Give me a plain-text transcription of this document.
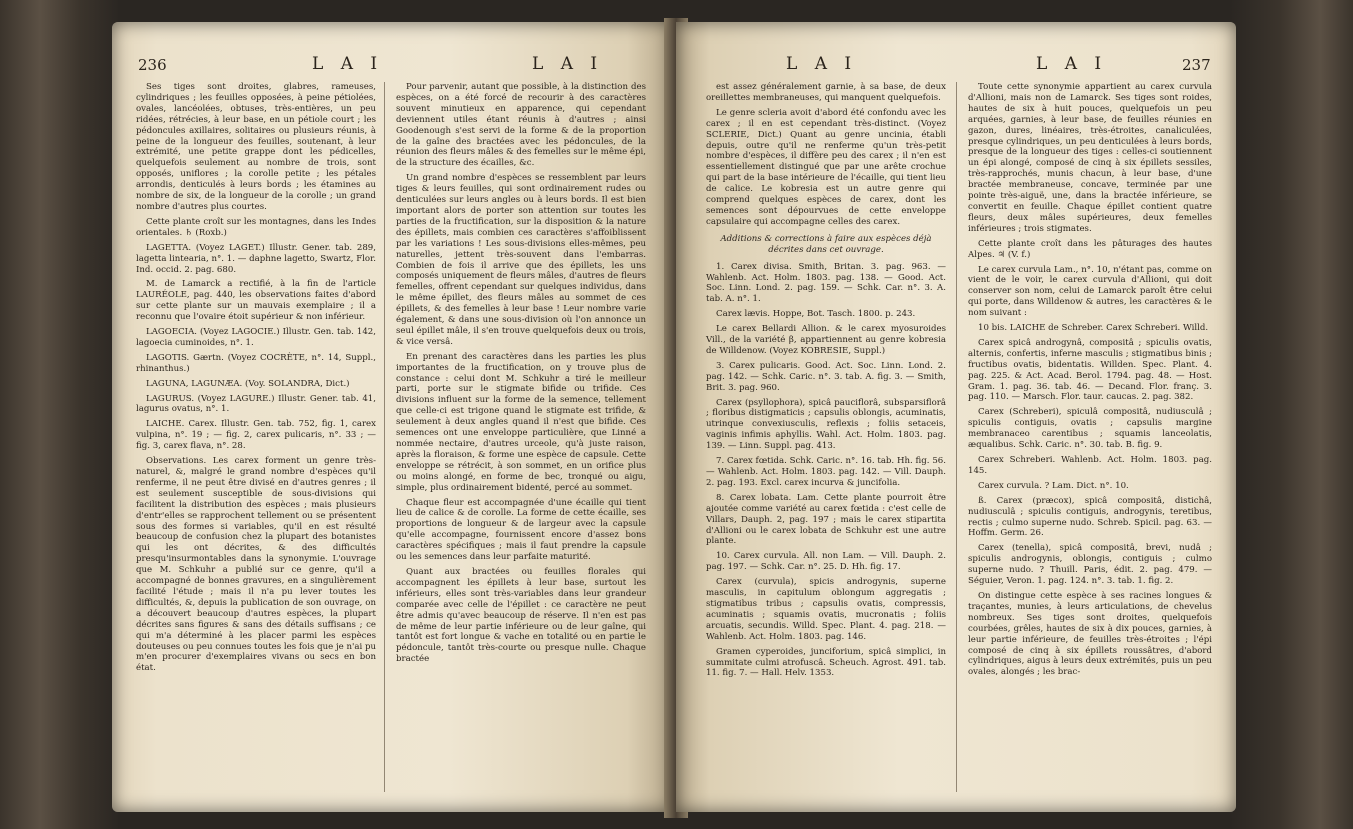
236	L A I	L A I

Ses tiges sont droites, glabres, rameuses, cylindriques ; les feuilles opposées, à peine pétiolées, ovales, lancéolées, obtuses, très-entières, un peu ridées, rétrécies, à leur base, en un pétiole court ; les pédoncules axillaires, solitaires ou plusieurs réunis, à peine de la longueur des feuilles, soutenant, à leur extrémité, une petite grappe dont les pédicelles, quelquefois seulement au nombre de trois, sont opposés, uniflores ; la corolle petite ; les pétales arrondis, denticulés à leurs bords ; les étamines au nombre de six, de la longueur de la corolle ; un grand nombre d'autres plus courtes.

Cette plante croît sur les montagnes, dans les Indes orientales. ♄ (Roxb.)

LAGETTA. (Voyez LAGET.) Illustr. Gener. tab. 289, lagetta lintearia, n°. 1. — daphne lagetto, Swartz, Flor. Ind. occid. 2. pag. 680.

M. de Lamarck a rectifié, à la fin de l'article LAURÉOLE, pag. 440, les observations faites d'abord sur cette plante sur un mauvais exemplaire ; il a reconnu que l'ovaire étoit supérieur & non inférieur.

LAGOECIA. (Voyez LAGOCIE.) Illustr. Gen. tab. 142, lagoecia cuminoides, n°. 1.

LAGOTIS. Gærtn. (Voyez COCRÈTE, n°. 14, Suppl., rhinanthus.)

LAGUNA, LAGUNÆA. (Voy. SOLANDRA, Dict.)

LAGURUS. (Voyez LAGURE.) Illustr. Gener. tab. 41, lagurus ovatus, n°. 1.

LAICHE. Carex. Illustr. Gen. tab. 752, fig. 1, carex vulpina, n°. 19 ; — fig. 2, carex pulicaris, n°. 33 ; — fig. 3, carex flava, n°. 28.

Observations. Les carex forment un genre très-naturel, &, malgré le grand nombre d'espèces qu'il renferme, il ne peut être divisé en d'autres genres ; il est seulement susceptible de sous-divisions qui facilitent la distribution des espèces ; mais plusieurs d'entr'elles se rapprochent tellement ou se présentent sous des formes si variables, qu'il en est résulté beaucoup de confusion chez la plupart des botanistes qui les ont décrites, & des difficultés presqu'insurmontables dans la synonymie. L'ouvrage que M. Schkuhr a publié sur ce genre, qu'il a accompagné de bonnes gravures, en a singulièrement facilité l'étude ; mais il n'a pu lever toutes les difficultés, &, depuis la publication de son ouvrage, on a découvert beaucoup d'autres espèces, la plupart décrites sans figures & sans des détails suffisans ; ce qui m'a déterminé à les placer parmi les espèces douteuses ou peu connues toutes les fois que je n'ai pu m'en procurer d'exemplaires vivans ou secs en bon état.

Pour parvenir, autant que possible, à la distinction des espèces, on a été forcé de recourir à des caractères souvent minutieux en apparence, qui cependant deviennent utiles étant réunis à d'autres ; ainsi Goodenough s'est servi de la forme & de la proportion de la gaîne des bractées avec les pédoncules, de la réunion des fleurs mâles & des femelles sur le même épi, de la structure des écailles, &c.

Un grand nombre d'espèces se ressemblent par leurs tiges & leurs feuilles, qui sont ordinairement rudes ou denticulées sur leurs angles ou à leurs bords. Il est bien important alors de porter son attention sur toutes les parties de la fructification, sur la disposition & la nature des épillets, mais combien ces caractères s'affoiblissent par les variations ! Les sous-divisions elles-mêmes, peu naturelles, jettent très-souvent dans l'embarras. Combien de fois il arrive que des épillets, les uns composés uniquement de fleurs mâles, d'autres de fleurs femelles, offrent cependant sur quelques individus, dans le même épillet, des fleurs mâles au sommet de ces épillets, & des femelles à leur base ! Leur nombre varie également, & dans une sous-division où l'on annonce un seul épillet mâle, il s'en trouve quelquefois deux ou trois, & vice versâ.

En prenant des caractères dans les parties les plus importantes de la fructification, on y trouve plus de constance : celui dont M. Schkuhr a tiré le meilleur parti, porte sur le stigmate bifide ou trifide. Ces divisions influent sur la forme de la semence, tellement que celle-ci est trigone quand le stigmate est trifide, & seulement à deux angles quand il n'est que bifide. Ces semences ont une enveloppe particulière, que Linné a nommée nectaire, d'autres urceole, qu'à juste raison, après la floraison, & forme une espèce de capsule. Cette enveloppe se rétrécit, à son sommet, en un orifice plus ou moins alongé, en forme de bec, tronqué ou aigu, simple, plus ordinairement bidenté, percé au sommet.

Chaque fleur est accompagnée d'une écaille qui tient lieu de calice & de corolle. La forme de cette écaille, ses proportions de longueur & de largeur avec la capsule qu'elle accompagne, fournissent encore d'assez bons caractères spécifiques ; mais il faut prendre la capsule ou les semences dans leur parfaite maturité.

Quant aux bractées ou feuilles florales qui accompagnent les épillets à leur base, surtout les inférieurs, elles sont très-variables dans leur grandeur comparée avec celle de l'épillet : ce caractère ne peut être admis qu'avec beaucoup de réserve. Il n'en est pas de même de leur partie inférieure ou de leur gaîne, qui tantôt est fort longue & vache en totalité ou en partie le pédoncule, tantôt très-courte ou presque nulle. Chaque bractée

L A I	L A I	237

est assez généralement garnie, à sa base, de deux oreillettes membraneuses, qui manquent quelquefois.

Le genre scleria avoit d'abord été confondu avec les carex ; il en est cependant très-distinct. (Voyez SCLERIE, Dict.) Quant au genre uncinia, établi depuis, outre qu'il ne renferme qu'un très-petit nombre d'espèces, il diffère peu des carex ; il n'en est essentiellement distingué que par une arête crochue qui part de la base intérieure de l'écaille, qui tient lieu de calice. Le kobresia est un autre genre qui comprend quelques espèces de carex, dont les semences sont dépourvues de cette enveloppe capsulaire qui accompagne celles des carex.

Additions & corrections à faire aux espèces déjà décrites dans cet ouvrage.

1. Carex divisa. Smith, Britan. 3. pag. 963. — Wahlenb. Act. Holm. 1803. pag. 138. — Good. Act. Soc. Linn. Lond. 2. pag. 159. — Schk. Car. n°. 3. A. tab. A. n°. 1.

Carex lævis. Hoppe, Bot. Tasch. 1800. p. 243.

Le carex Bellardi Allion. & le carex myosuroides Vill., de la variété β, appartiennent au genre kobresia de Willdenow. (Voyez KOBRESIE, Suppl.)

3. Carex pulicaris. Good. Act. Soc. Linn. Lond. 2. pag. 142. — Schk. Caric. n°. 3. tab. A. fig. 3. — Smith, Brit. 3. pag. 960.

Carex (psyllophora), spicâ pauciflorâ, subsparsiflorâ ; floribus distigmaticis ; capsulis oblongis, acuminatis, utrinque convexiusculis, reflexis ; foliis setaceis, vaginis infimis aphyllis. Wahl. Act. Holm. 1803. pag. 139. — Linn. Suppl. pag. 413.

7. Carex fœtida. Schk. Caric. n°. 16. tab. Hh. fig. 56. — Wahlenb. Act. Holm. 1803. pag. 142. — Vill. Dauph. 2. pag. 193. Excl. carex incurva & juncifolia.

8. Carex lobata. Lam. Cette plante pourroit être ajoutée comme variété au carex fœtida : c'est celle de Villars, Dauph. 2, pag. 197 ; mais le carex stipartita d'Allioni ou le carex lobata de Schkuhr est une autre plante.

10. Carex curvula. All. non Lam. — Vill. Dauph. 2. pag. 197. — Schk. Car. n°. 25. D. Hh. fig. 17.

Carex (curvula), spicis androgynis, superne masculis, in capitulum oblongum aggregatis ; stigmatibus tribus ; capsulis ovatis, compressis, acuminatis ; squamis ovatis, mucronatis ; foliis arcuatis, secundis. Willd. Spec. Plant. 4. pag. 218. — Wahlenb. Act. Holm. 1803. pag. 146.

Gramen cyperoides, junciforium, spicâ simplici, in summitate culmi atrofuscâ. Scheuch. Agrost. 491. tab. 11. fig. 7. — Hall. Helv. 1353.

Toute cette synonymie appartient au carex curvula d'Allioni, mais non de Lamarck. Ses tiges sont roides, hautes de six à huit pouces, quelquefois un peu arquées, garnies, à leur base, de feuilles réunies en gazon, dures, linéaires, très-étroites, canaliculées, presque cylindriques, un peu denticulées à leurs bords, presque de la longueur des tiges : celles-ci soutiennent un épi alongé, composé de cinq à six épillets sessiles, très-rapprochés, munis chacun, à leur base, d'une bractée membraneuse, concave, terminée par une pointe très-aiguë, une, dans la bractée inférieure, se convertit en feuille. Chaque épillet contient quatre fleurs, deux mâles supérieures, deux femelles inférieures ; trois stigmates.

Cette plante croît dans les pâturages des hautes Alpes. ♃ (V. f.)

Le carex curvula Lam., n°. 10, n'étant pas, comme on vient de le voir, le carex curvula d'Allioni, qui doit conserver son nom, celui de Lamarck paroît être celui qui porte, dans Willdenow & autres, les caractères & le nom suivant :

10 bis. LAICHE de Schreber. Carex Schreberi. Willd.

Carex spicâ androgynâ, compositâ ; spiculis ovatis, alternis, confertis, inferne masculis ; stigmatibus binis ; fructibus ovatis, bidentatis. Willden. Spec. Plant. 4. pag. 225. & Act. Acad. Berol. 1794. pag. 48. — Host. Gram. 1. pag. 36. tab. 46. — Decand. Flor. franç. 3. pag. 110. — Marsch. Flor. taur. caucas. 2. pag. 382.

Carex (Schreberi), spiculâ compositâ, nudiusculâ ; spiculis contiguis, ovatis ; capsulis margine membranaceo carentibus ; squamis lanceolatis, æqualibus. Schk. Caric. n°. 30. tab. B. fig. 9.

Carex Schreberi. Wahlenb. Act. Holm. 1803. pag. 145.

Carex curvula. ? Lam. Dict. n°. 10.

ß. Carex (præcox), spicâ compositâ, distichâ, nudiusculâ ; spiculis contiguis, androgynis, teretibus, rectis ; culmo superne nudo. Schreb. Spicil. pag. 63. — Hoffm. Germ. 26.

Carex (tenella), spicâ compositâ, brevi, nudâ ; spiculis androgynis, oblongis, contiguis ; culmo superne nudo. ? Thuill. Paris, édit. 2. pag. 479. — Séguier, Veron. 1. pag. 124. n°. 3. tab. 1. fig. 2.

On distingue cette espèce à ses racines longues & traçantes, munies, à leurs articulations, de chevelus nombreux. Ses tiges sont droites, quelquefois courbées, grêles, hautes de six à dix pouces, garnies, à leur partie inférieure, de feuilles très-étroites ; l'épi composé de cinq à six épillets roussâtres, d'abord cylindriques, aigus à leurs deux extrémités, puis un peu ovales, alongés ; les brac-
